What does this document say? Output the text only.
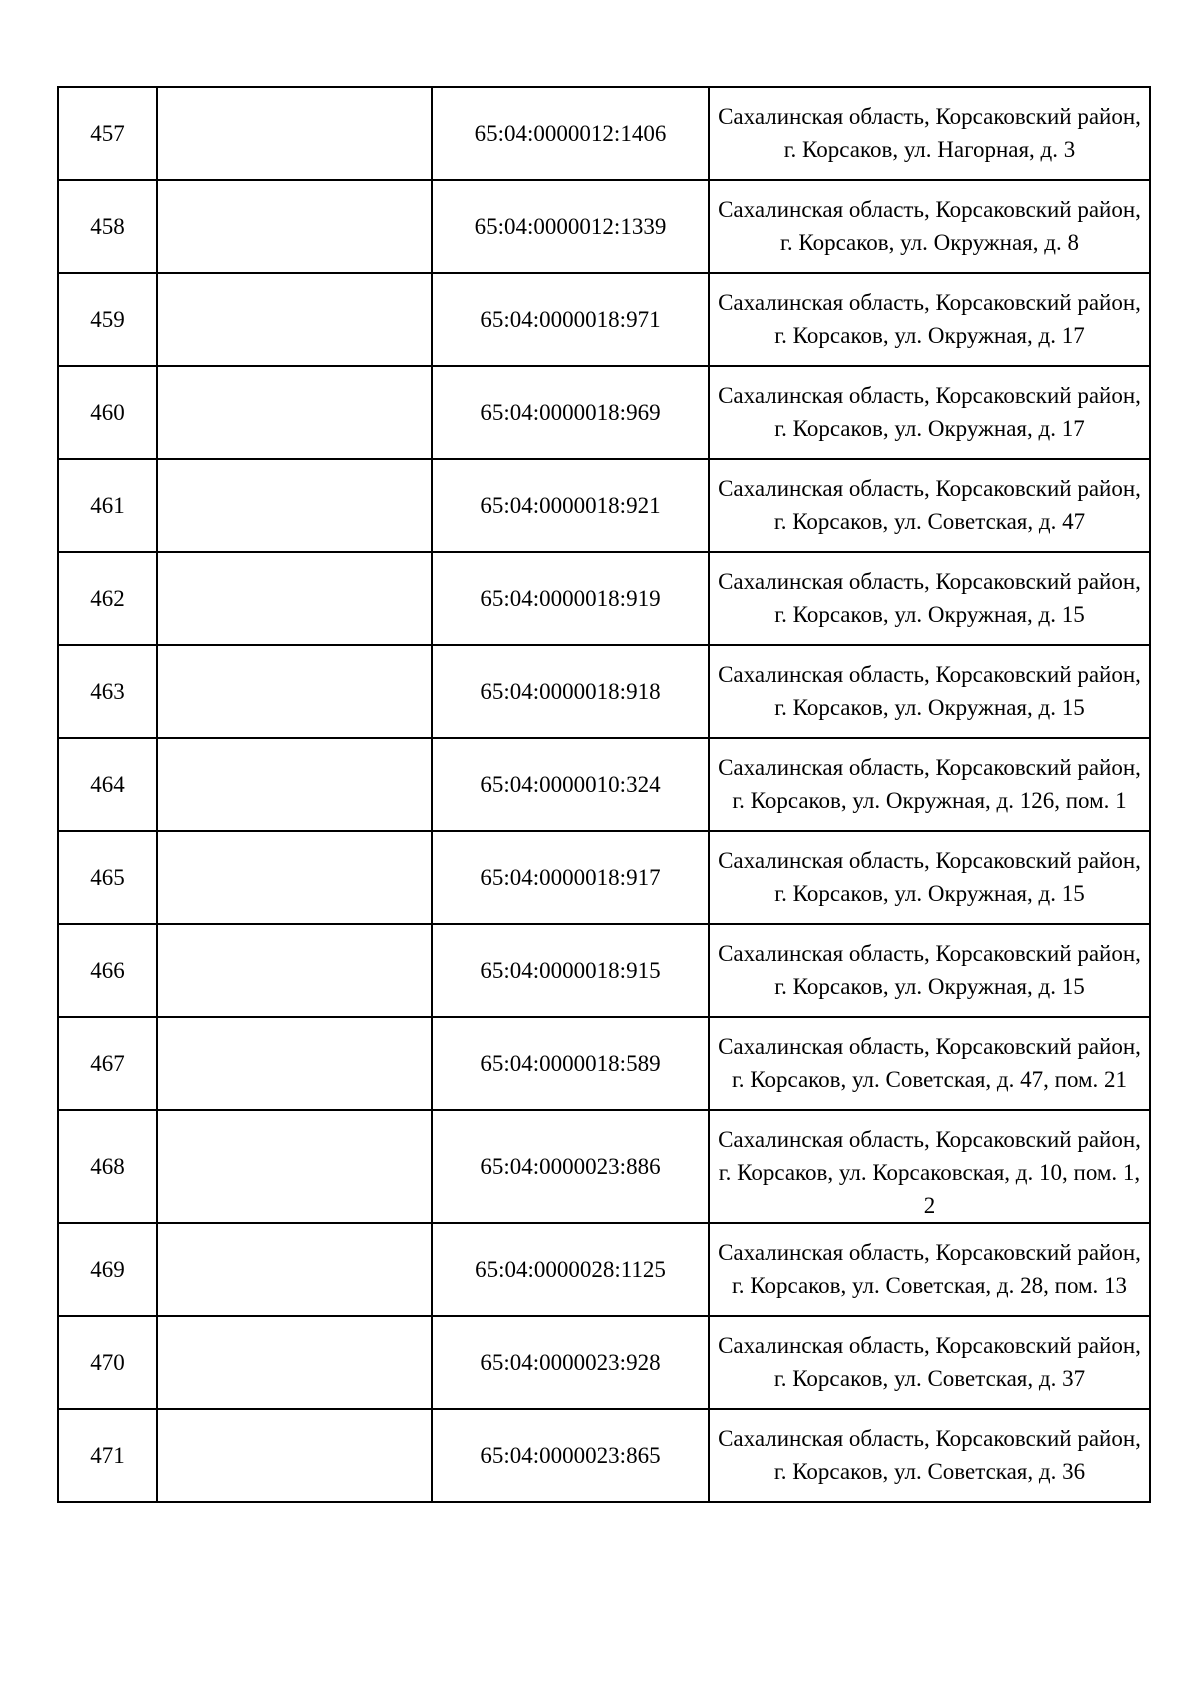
457		65:04:0000012:1406	Сахалинская область, Корсаковский район, г. Корсаков, ул. Нагорная, д. 3
458		65:04:0000012:1339	Сахалинская область, Корсаковский район, г. Корсаков, ул. Окружная, д. 8
459		65:04:0000018:971	Сахалинская область, Корсаковский район, г. Корсаков, ул. Окружная, д. 17
460		65:04:0000018:969	Сахалинская область, Корсаковский район, г. Корсаков, ул. Окружная, д. 17
461		65:04:0000018:921	Сахалинская область, Корсаковский район, г. Корсаков, ул. Советская, д. 47
462		65:04:0000018:919	Сахалинская область, Корсаковский район, г. Корсаков, ул. Окружная, д. 15
463		65:04:0000018:918	Сахалинская область, Корсаковский район, г. Корсаков, ул. Окружная, д. 15
464		65:04:0000010:324	Сахалинская область, Корсаковский район, г. Корсаков, ул. Окружная, д. 126, пом. 1
465		65:04:0000018:917	Сахалинская область, Корсаковский район, г. Корсаков, ул. Окружная, д. 15
466		65:04:0000018:915	Сахалинская область, Корсаковский район, г. Корсаков, ул. Окружная, д. 15
467		65:04:0000018:589	Сахалинская область, Корсаковский район, г. Корсаков, ул. Советская, д. 47, пом. 21
468		65:04:0000023:886	Сахалинская область, Корсаковский район, г. Корсаков, ул. Корсаковская, д. 10, пом. 1, 2
469		65:04:0000028:1125	Сахалинская область, Корсаковский район, г. Корсаков, ул. Советская, д. 28, пом. 13
470		65:04:0000023:928	Сахалинская область, Корсаковский район, г. Корсаков, ул. Советская, д. 37
471		65:04:0000023:865	Сахалинская область, Корсаковский район, г. Корсаков, ул. Советская, д. 36
